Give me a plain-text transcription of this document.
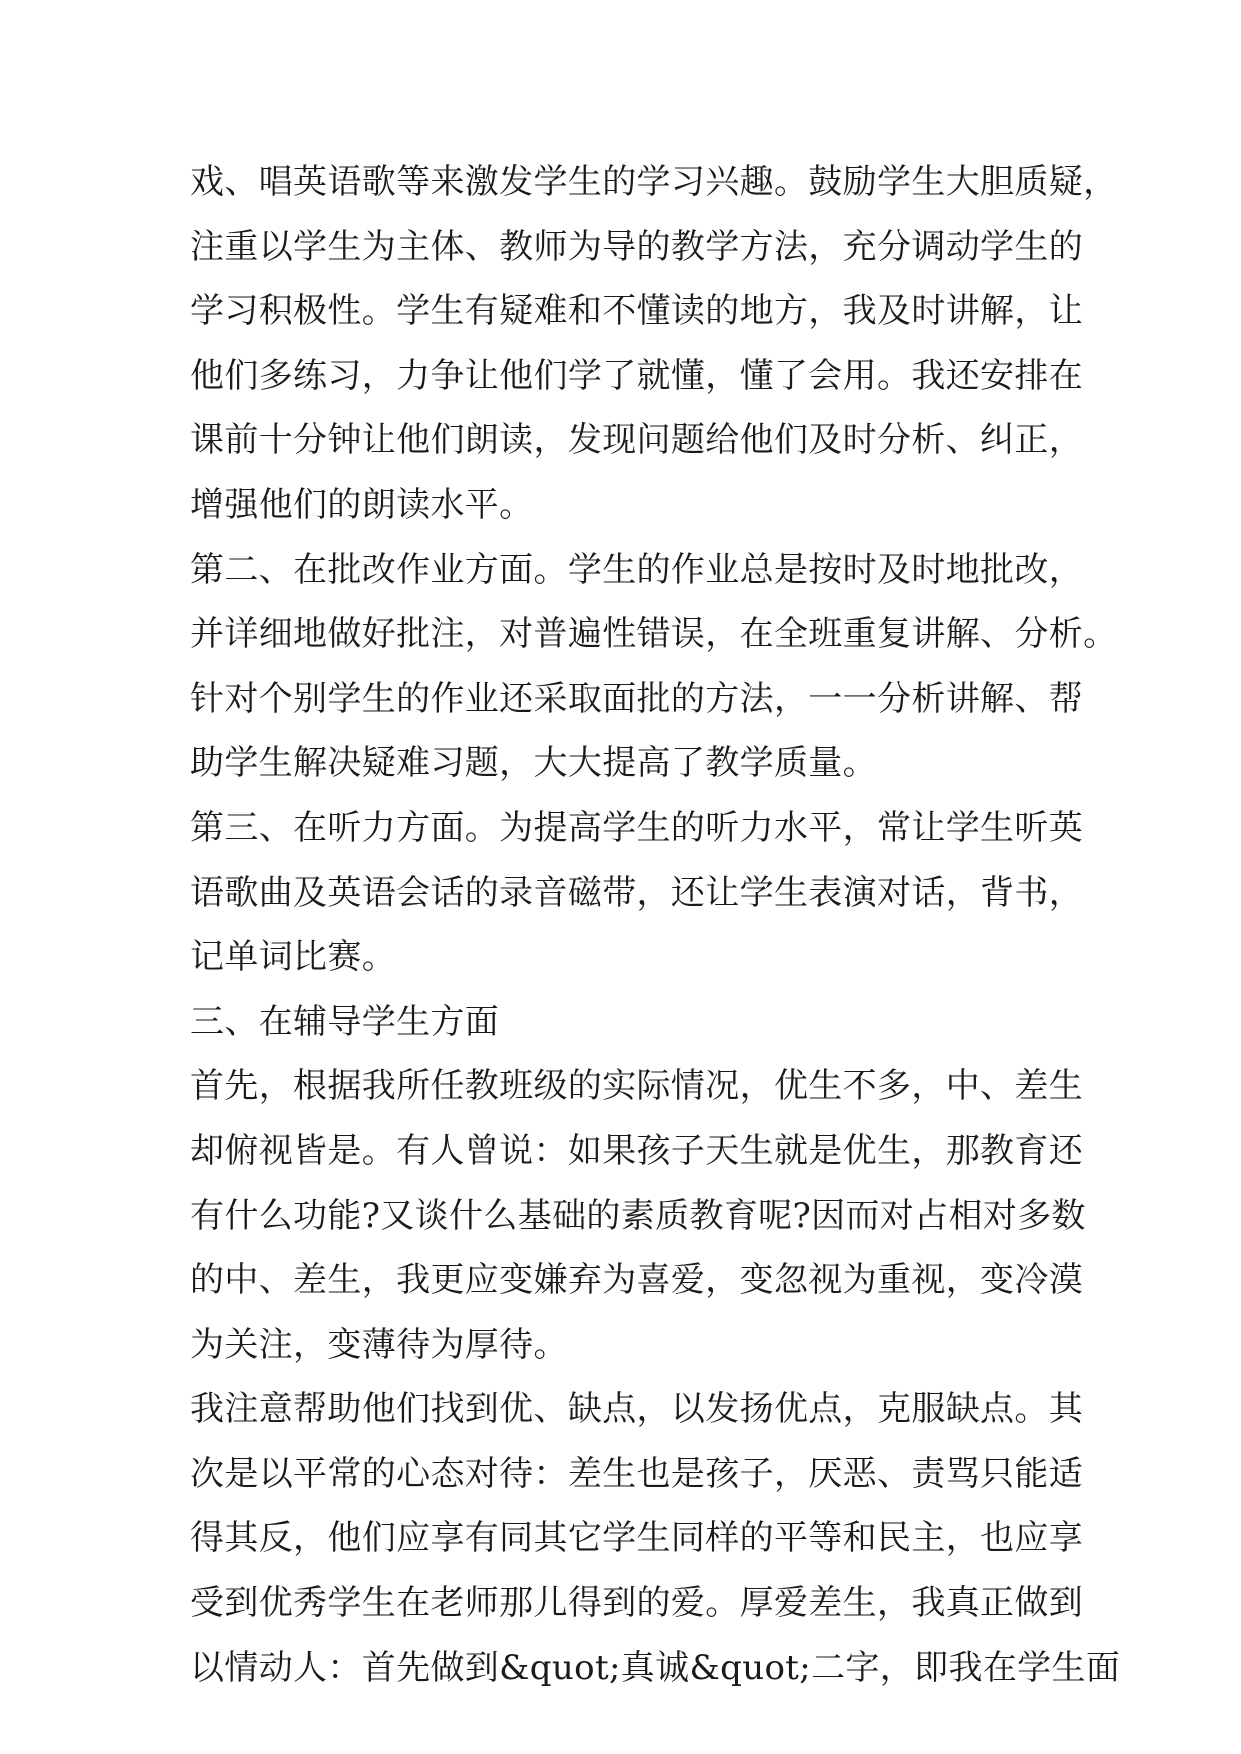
戏、唱英语歌等来激发学生的学习兴趣。鼓励学生大胆质疑，
注重以学生为主体、教师为导的教学方法，充分调动学生的
学习积极性。学生有疑难和不懂读的地方，我及时讲解，让
他们多练习，力争让他们学了就懂，懂了会用。我还安排在
课前十分钟让他们朗读，发现问题给他们及时分析、纠正，
增强他们的朗读水平。
第二、在批改作业方面。学生的作业总是按时及时地批改，
并详细地做好批注，对普遍性错误，在全班重复讲解、分析。
针对个别学生的作业还采取面批的方法，一一分析讲解、帮
助学生解决疑难习题，大大提高了教学质量。
第三、在听力方面。为提高学生的听力水平，常让学生听英
语歌曲及英语会话的录音磁带，还让学生表演对话，背书，
记单词比赛。
三、在辅导学生方面
首先，根据我所任教班级的实际情况，优生不多，中、差生
却俯视皆是。有人曾说：如果孩子天生就是优生，那教育还
有什么功能?又谈什么基础的素质教育呢?因而对占相对多数
的中、差生，我更应变嫌弃为喜爱，变忽视为重视，变冷漠
为关注，变薄待为厚待。
我注意帮助他们找到优、缺点，以发扬优点，克服缺点。其
次是以平常的心态对待：差生也是孩子，厌恶、责骂只能适
得其反，他们应享有同其它学生同样的平等和民主，也应享
受到优秀学生在老师那儿得到的爱。厚爱差生，我真正做到
以情动人：首先做到&quot;真诚&quot;二字，即我在学生面
